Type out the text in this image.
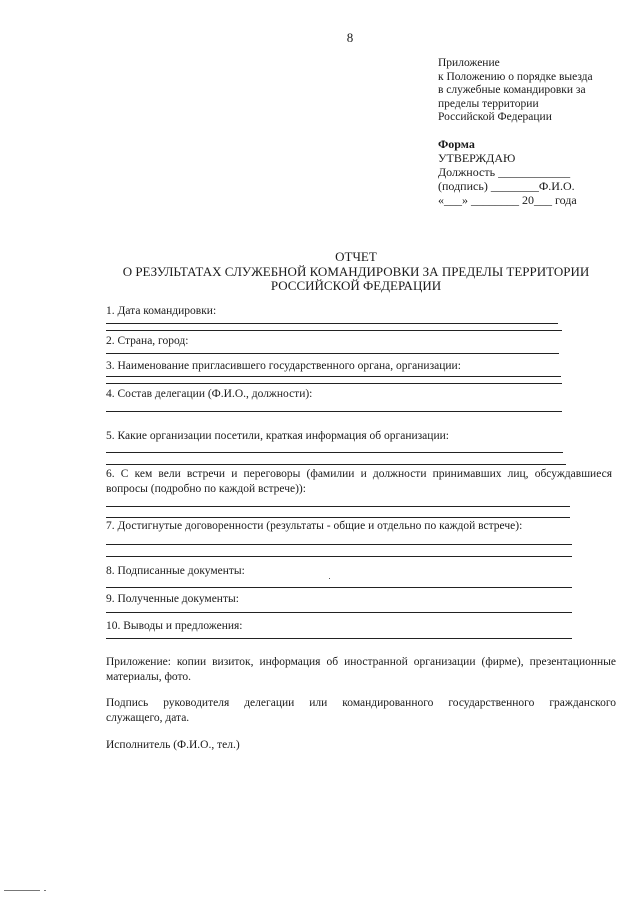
8
Приложение
к Положению о порядке выезда
в служебные командировки за
пределы территории
Российской Федерации
Форма
УТВЕРЖДАЮ
Должность ____________
(подпись) ________Ф.И.О.
«___» ________ 20___ года
ОТЧЕТ
О РЕЗУЛЬТАТАХ СЛУЖЕБНОЙ КОМАНДИРОВКИ ЗА ПРЕДЕЛЫ ТЕРРИТОРИИ
РОССИЙСКОЙ ФЕДЕРАЦИИ
1. Дата командировки:
2. Страна, город:
3. Наименование пригласившего государственного органа, организации:
4. Состав делегации (Ф.И.О., должности):
5. Какие организации посетили, краткая информация об организации:
6. С кем вели встречи и переговоры (фамилии и должности принимавших лиц, обсуждавшиеся
вопросы (подробно по каждой встрече)):
7. Достигнутые договоренности (результаты - общие и отдельно по каждой встрече):
8. Подписанные документы:
9. Полученные документы:
10. Выводы и предложения:
Приложение: копии визиток, информация об иностранной организации (фирме), презентационные
материалы, фото.
Подпись руководителя делегации или командированного государственного гражданского
служащего, дата.
Исполнитель (Ф.И.О., тел.)
